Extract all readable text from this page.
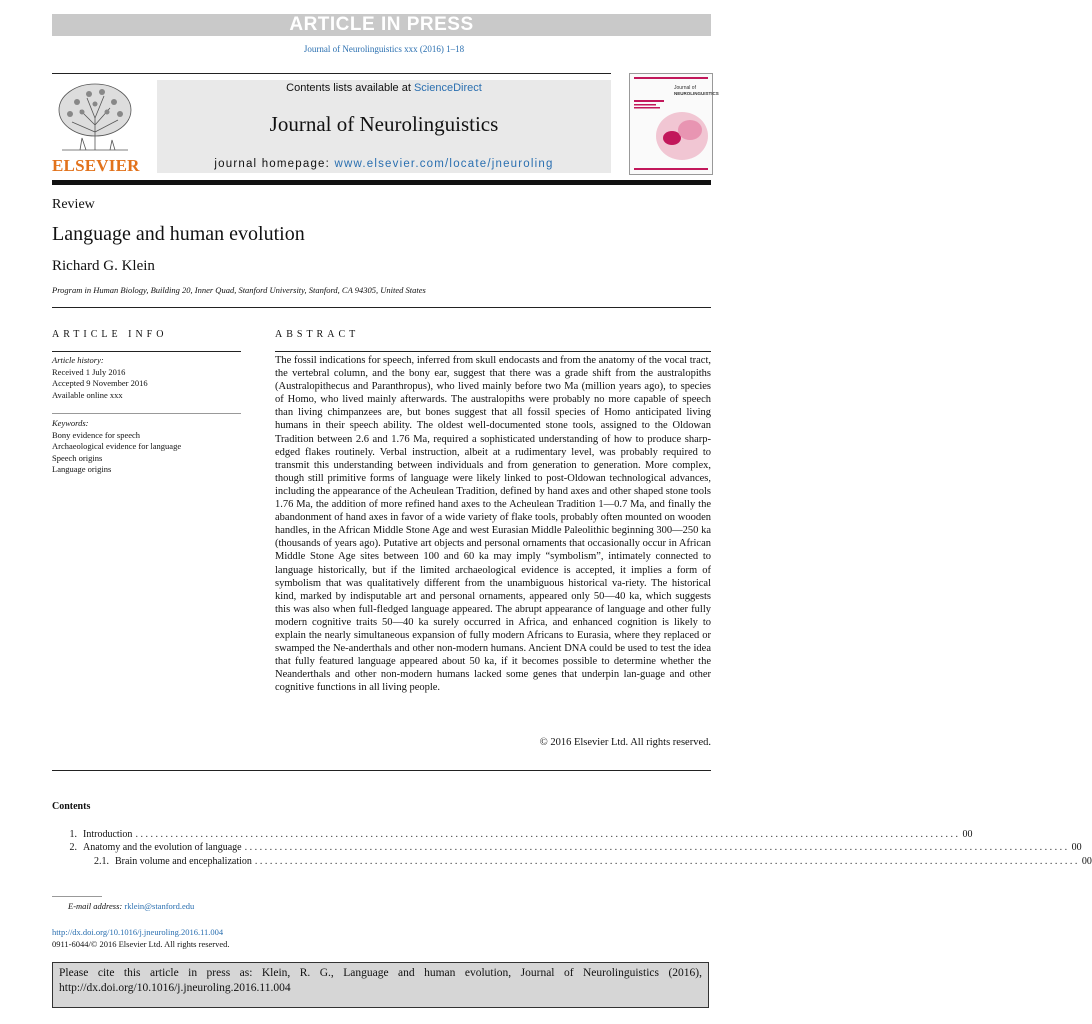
ARTICLE IN PRESS
Journal of Neurolinguistics xxx (2016) 1–18
ELSEVIER
Contents lists available at ScienceDirect
Journal of Neurolinguistics
journal homepage: www.elsevier.com/locate/jneuroling
Journal of
NEUROLINGUISTICS
Review
Language and human evolution
Richard G. Klein
Program in Human Biology, Building 20, Inner Quad, Stanford University, Stanford, CA 94305, United States
ARTICLE INFO	ABSTRACT
Article history:
Received 1 July 2016
Accepted 9 November 2016
Available online xxx
Keywords:
Bony evidence for speech
Archaeological evidence for language
Speech origins
Language origins
The fossil indications for speech, inferred from skull endocasts and from the anatomy of the vocal tract, the vertebral column, and the bony ear, suggest that there was a grade shift from the australopiths (Australopithecus and Paranthropus), who lived mainly before two Ma (million years ago), to species of Homo, who lived mainly afterwards. The australopiths were probably no more capable of speech than living chimpanzees are, but bones suggest that all fossil species of Homo anticipated living humans in their speech ability. The oldest well-documented stone tools, assigned to the Oldowan Tradition between 2.6 and 1.76 Ma, required a sophisticated understanding of how to produce sharp-edged flakes routinely. Verbal instruction, albeit at a rudimentary level, was probably required to transmit this understanding between individuals and from generation to generation. More complex, though still primitive forms of language were likely linked to post-Oldowan technological advances, including the appearance of the Acheulean Tradition, defined by hand axes and other shaped stone tools 1.76 Ma, the addition of more refined hand axes to the Acheulean Tradition 1—0.7 Ma, and finally the abandonment of hand axes in favor of a wide variety of flake tools, probably often mounted on wooden handles, in the African Middle Stone Age and west Eurasian Middle Paleolithic beginning 300—250 ka (thousands of years ago). Putative art objects and personal ornaments that occasionally occur in African Middle Stone Age sites between 100 and 60 ka may imply “symbolism”, intimately connected to language historically, but if the limited archaeological evidence is accepted, it implies a form of symbolism that was qualitatively different from the unambiguous historical va-riety. The historical kind, marked by indisputable art and personal ornaments, appeared only 50—40 ka, which suggests this was also when full-fledged language appeared. The abrupt appearance of language and other fully modern cognitive traits 50—40 ka surely occurred in Africa, and enhanced cognition is likely to explain the nearly simultaneous expansion of fully modern Africans to Eurasia, where they replaced or swamped the Ne-anderthals and other non-modern humans. Ancient DNA could be used to test the idea that fully featured language appeared about 50 ka, if it becomes possible to determine whether the Neanderthals and other non-modern humans lacked some genes that underpin lan-guage and other cognitive functions in all living people.
© 2016 Elsevier Ltd. All rights reserved.
Contents
1. Introduction ..................................................................................................................................................................... 00
2. Anatomy and the evolution of language ..................................................................................................................................................................... 00
2.1. Brain volume and encephalization ..................................................................................................................................................................... 00
E-mail address: rklein@stanford.edu
http://dx.doi.org/10.1016/j.jneuroling.2016.11.004
0911-6044/© 2016 Elsevier Ltd. All rights reserved.
Please cite this article in press as: Klein, R. G., Language and human evolution, Journal of Neurolinguistics (2016), http://dx.doi.org/10.1016/j.jneuroling.2016.11.004
